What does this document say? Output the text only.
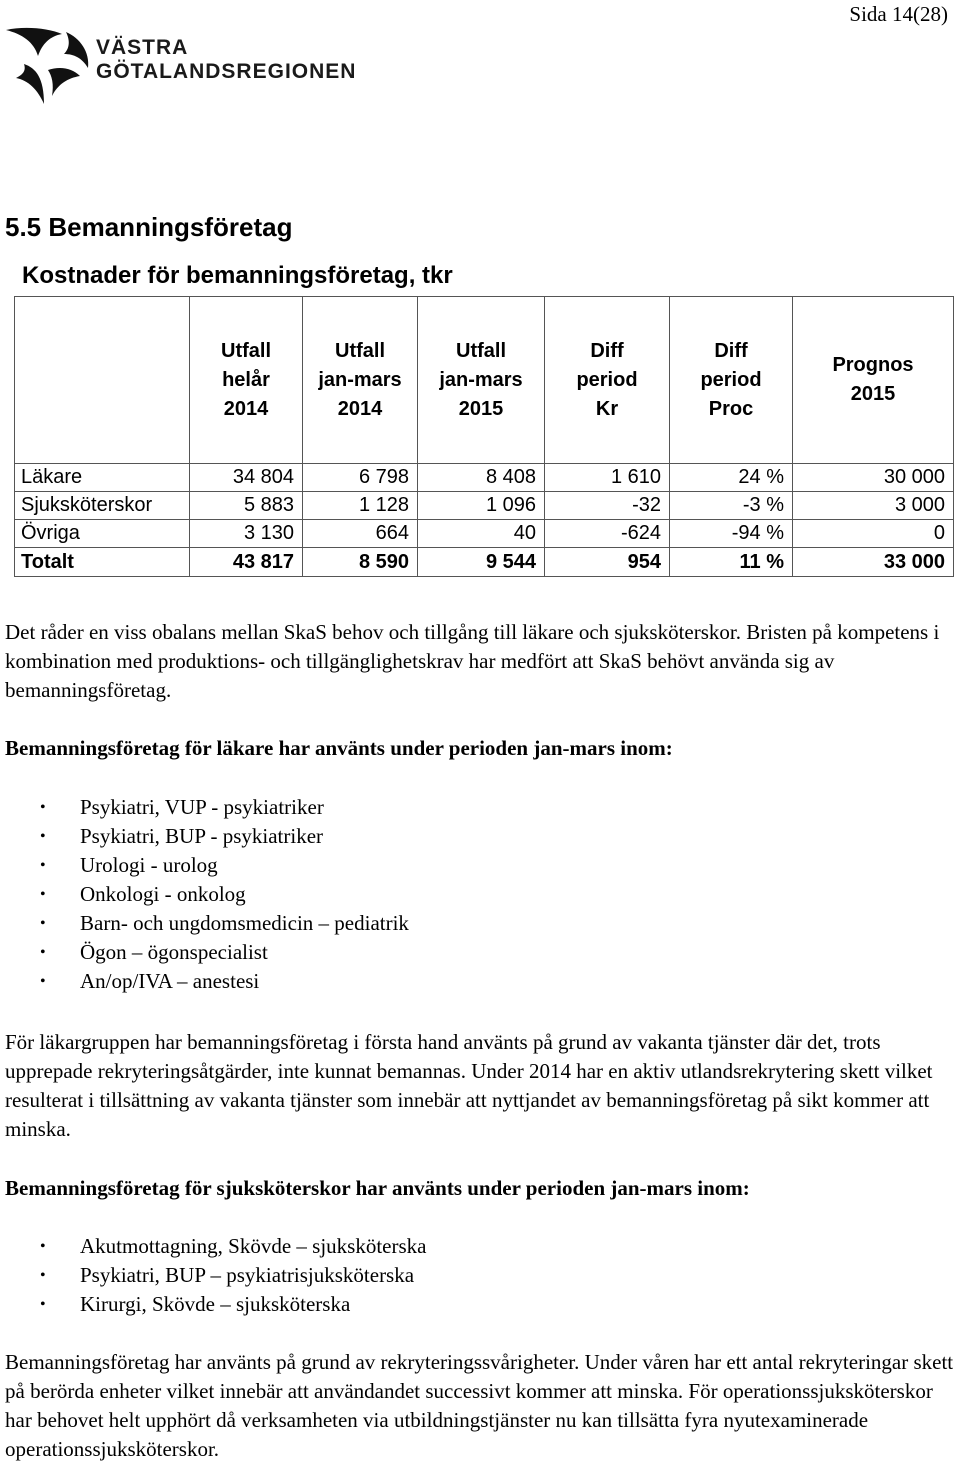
Sida 14(28)
VÄSTRA
GÖTALANDSREGIONEN
5.5 Bemanningsföretag
Kostnader för bemanningsföretag, tkr
	Utfall
helår
2014	Utfall
jan-mars
2014	Utfall
jan-mars
2015	Diff
period
Kr	Diff
period
Proc	Prognos
2015
Läkare	34 804	6 798	8 408	1 610	24 %	30 000
Sjuksköterskor	5 883	1 128	1 096	-32	-3 %	3 000
Övriga	3 130	664	40	-624	-94 %	0
Totalt	43 817	8 590	9 544	954	11 %	33 000
Det råder en viss obalans mellan SkaS behov och tillgång till läkare och sjuksköterskor. Bristen på kompetens i kombination med produktions- och tillgänglighetskrav har medfört att SkaS behövt använda sig av bemanningsföretag.
Bemanningsföretag för läkare har använts under perioden jan-mars inom:
• Psykiatri, VUP - psykiatriker
• Psykiatri, BUP - psykiatriker
• Urologi - urolog
• Onkologi - onkolog
• Barn- och ungdomsmedicin – pediatrik
• Ögon – ögonspecialist
• An/op/IVA – anestesi
För läkargruppen har bemanningsföretag i första hand använts på grund av vakanta tjänster där det, trots upprepade rekryteringsåtgärder, inte kunnat bemannas. Under 2014 har en aktiv utlandsrekrytering skett vilket resulterat i tillsättning av vakanta tjänster som innebär att nyttjandet av bemanningsföretag på sikt kommer att minska.
Bemanningsföretag för sjuksköterskor har använts under perioden jan-mars inom:
• Akutmottagning, Skövde – sjuksköterska
• Psykiatri, BUP – psykiatrisjuksköterska
• Kirurgi, Skövde – sjuksköterska
Bemanningsföretag har använts på grund av rekryteringssvårigheter. Under våren har ett antal rekryteringar skett på berörda enheter vilket innebär att användandet successivt kommer att minska. För operationssjuksköterskor har behovet helt upphört då verksamheten via utbildningstjänster nu kan tillsätta fyra nyutexaminerade operationssjuksköterskor.
